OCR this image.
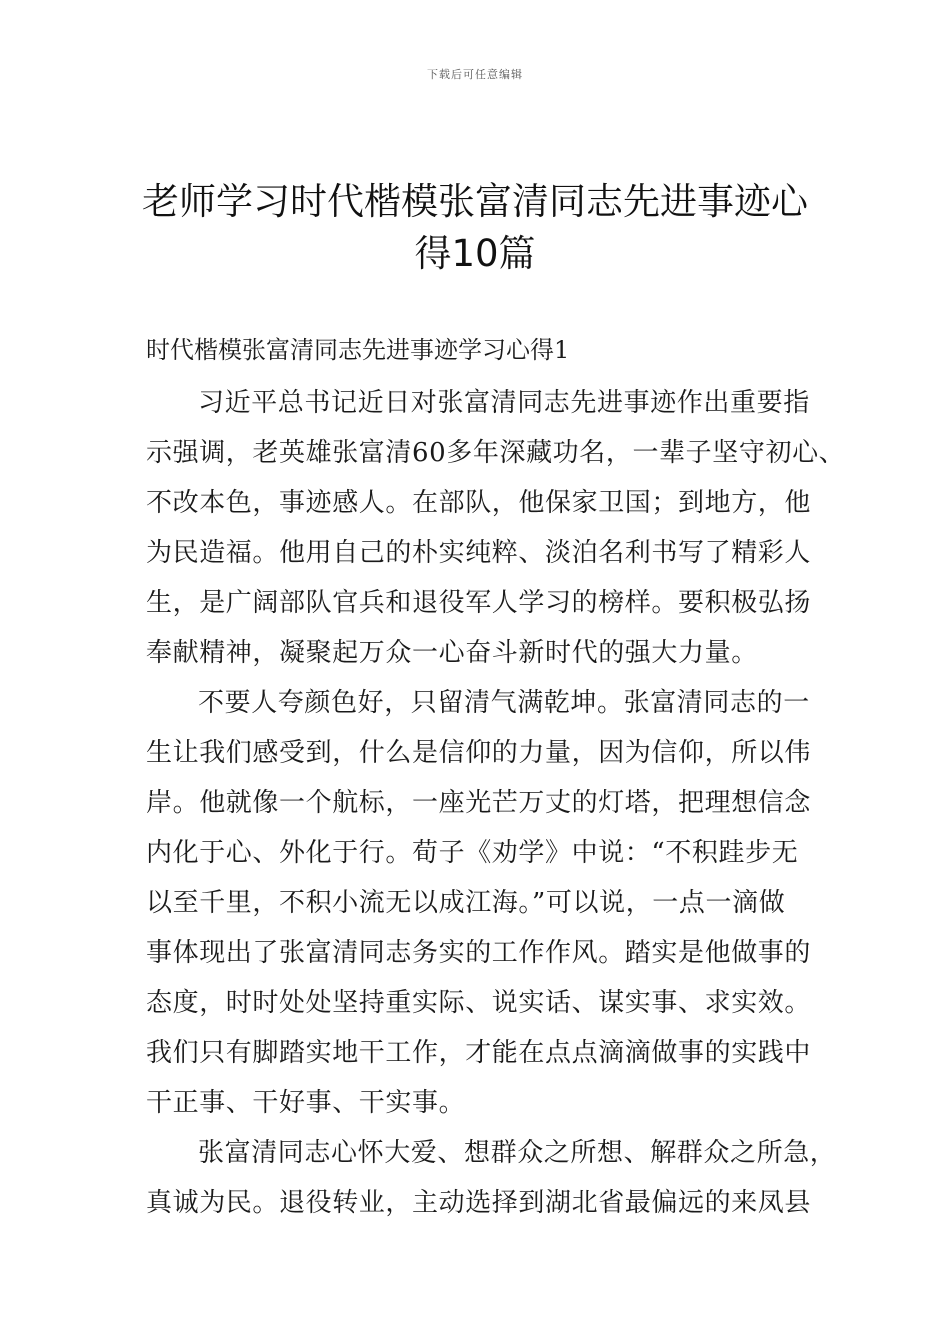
下载后可任意编辑
老师学习时代楷模张富清同志先进事迹心
得10篇
时代楷模张富清同志先进事迹学习心得1

习近平总书记近日对张富清同志先进事迹作出重要指
示强调，老英雄张富清60多年深藏功名，一辈子坚守初心、
不改本色，事迹感人。在部队，他保家卫国；到地方，他
为民造福。他用自己的朴实纯粹、淡泊名利书写了精彩人
生，是广阔部队官兵和退役军人学习的榜样。要积极弘扬
奉献精神，凝聚起万众一心奋斗新时代的强大力量。

不要人夸颜色好，只留清气满乾坤。张富清同志的一
生让我们感受到，什么是信仰的力量，因为信仰，所以伟
岸。他就像一个航标，一座光芒万丈的灯塔，把理想信念
内化于心、外化于行。荀子《劝学》中说：“不积跬步无
以至千里，不积小流无以成江海。”可以说，一点一滴做
事体现出了张富清同志务实的工作作风。踏实是他做事的
态度，时时处处坚持重实际、说实话、谋实事、求实效。
我们只有脚踏实地干工作，才能在点点滴滴做事的实践中
干正事、干好事、干实事。

张富清同志心怀大爱、想群众之所想、解群众之所急，
真诚为民。退役转业，主动选择到湖北省最偏远的来凤县
